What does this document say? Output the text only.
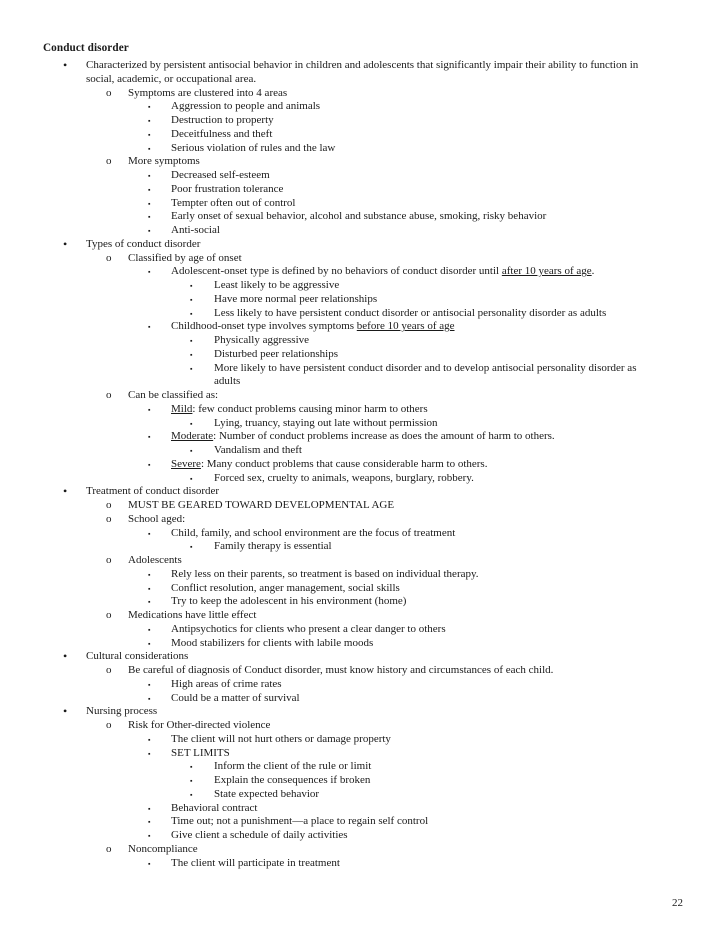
Conduct disorder
• Characterized by persistent antisocial behavior in children and adolescents that significantly impair their ability to function in
social, academic, or occupational area.
o Symptoms are clustered into 4 areas
▪ Aggression to people and animals
▪ Destruction to property
▪ Deceitfulness and theft
▪ Serious violation of rules and the law
o More symptoms
▪ Decreased self-esteem
▪ Poor frustration tolerance
▪ Tempter often out of control
▪ Early onset of sexual behavior, alcohol and substance abuse, smoking, risky behavior
▪ Anti-social
• Types of conduct disorder
o Classified by age of onset
▪ Adolescent-onset type is defined by no behaviors of conduct disorder until after 10 years of age.
▪ Least likely to be aggressive
▪ Have more normal peer relationships
▪ Less likely to have persistent conduct disorder or antisocial personality disorder as adults
▪ Childhood-onset type involves symptoms before 10 years of age
▪ Physically aggressive
▪ Disturbed peer relationships
▪ More likely to have persistent conduct disorder and to develop antisocial personality disorder as
adults
o Can be classified as:
▪ Mild: few conduct problems causing minor harm to others
▪ Lying, truancy, staying out late without permission
▪ Moderate: Number of conduct problems increase as does the amount of harm to others.
▪ Vandalism and theft
▪ Severe: Many conduct problems that cause considerable harm to others.
▪ Forced sex, cruelty to animals, weapons, burglary, robbery.
• Treatment of conduct disorder
o MUST BE GEARED TOWARD DEVELOPMENTAL AGE
o School aged:
▪ Child, family, and school environment are the focus of treatment
▪ Family therapy is essential
o Adolescents
▪ Rely less on their parents, so treatment is based on individual therapy.
▪ Conflict resolution, anger management, social skills
▪ Try to keep the adolescent in his environment (home)
o Medications have little effect
▪ Antipsychotics for clients who present a clear danger to others
▪ Mood stabilizers for clients with labile moods
• Cultural considerations
o Be careful of diagnosis of Conduct disorder, must know history and circumstances of each child.
▪ High areas of crime rates
▪ Could be a matter of survival
• Nursing process
o Risk for Other-directed violence
▪ The client will not hurt others or damage property
▪ SET LIMITS
▪ Inform the client of the rule or limit
▪ Explain the consequences if broken
▪ State expected behavior
▪ Behavioral contract
▪ Time out; not a punishment—a place to regain self control
▪ Give client a schedule of daily activities
o Noncompliance
▪ The client will participate in treatment
22
